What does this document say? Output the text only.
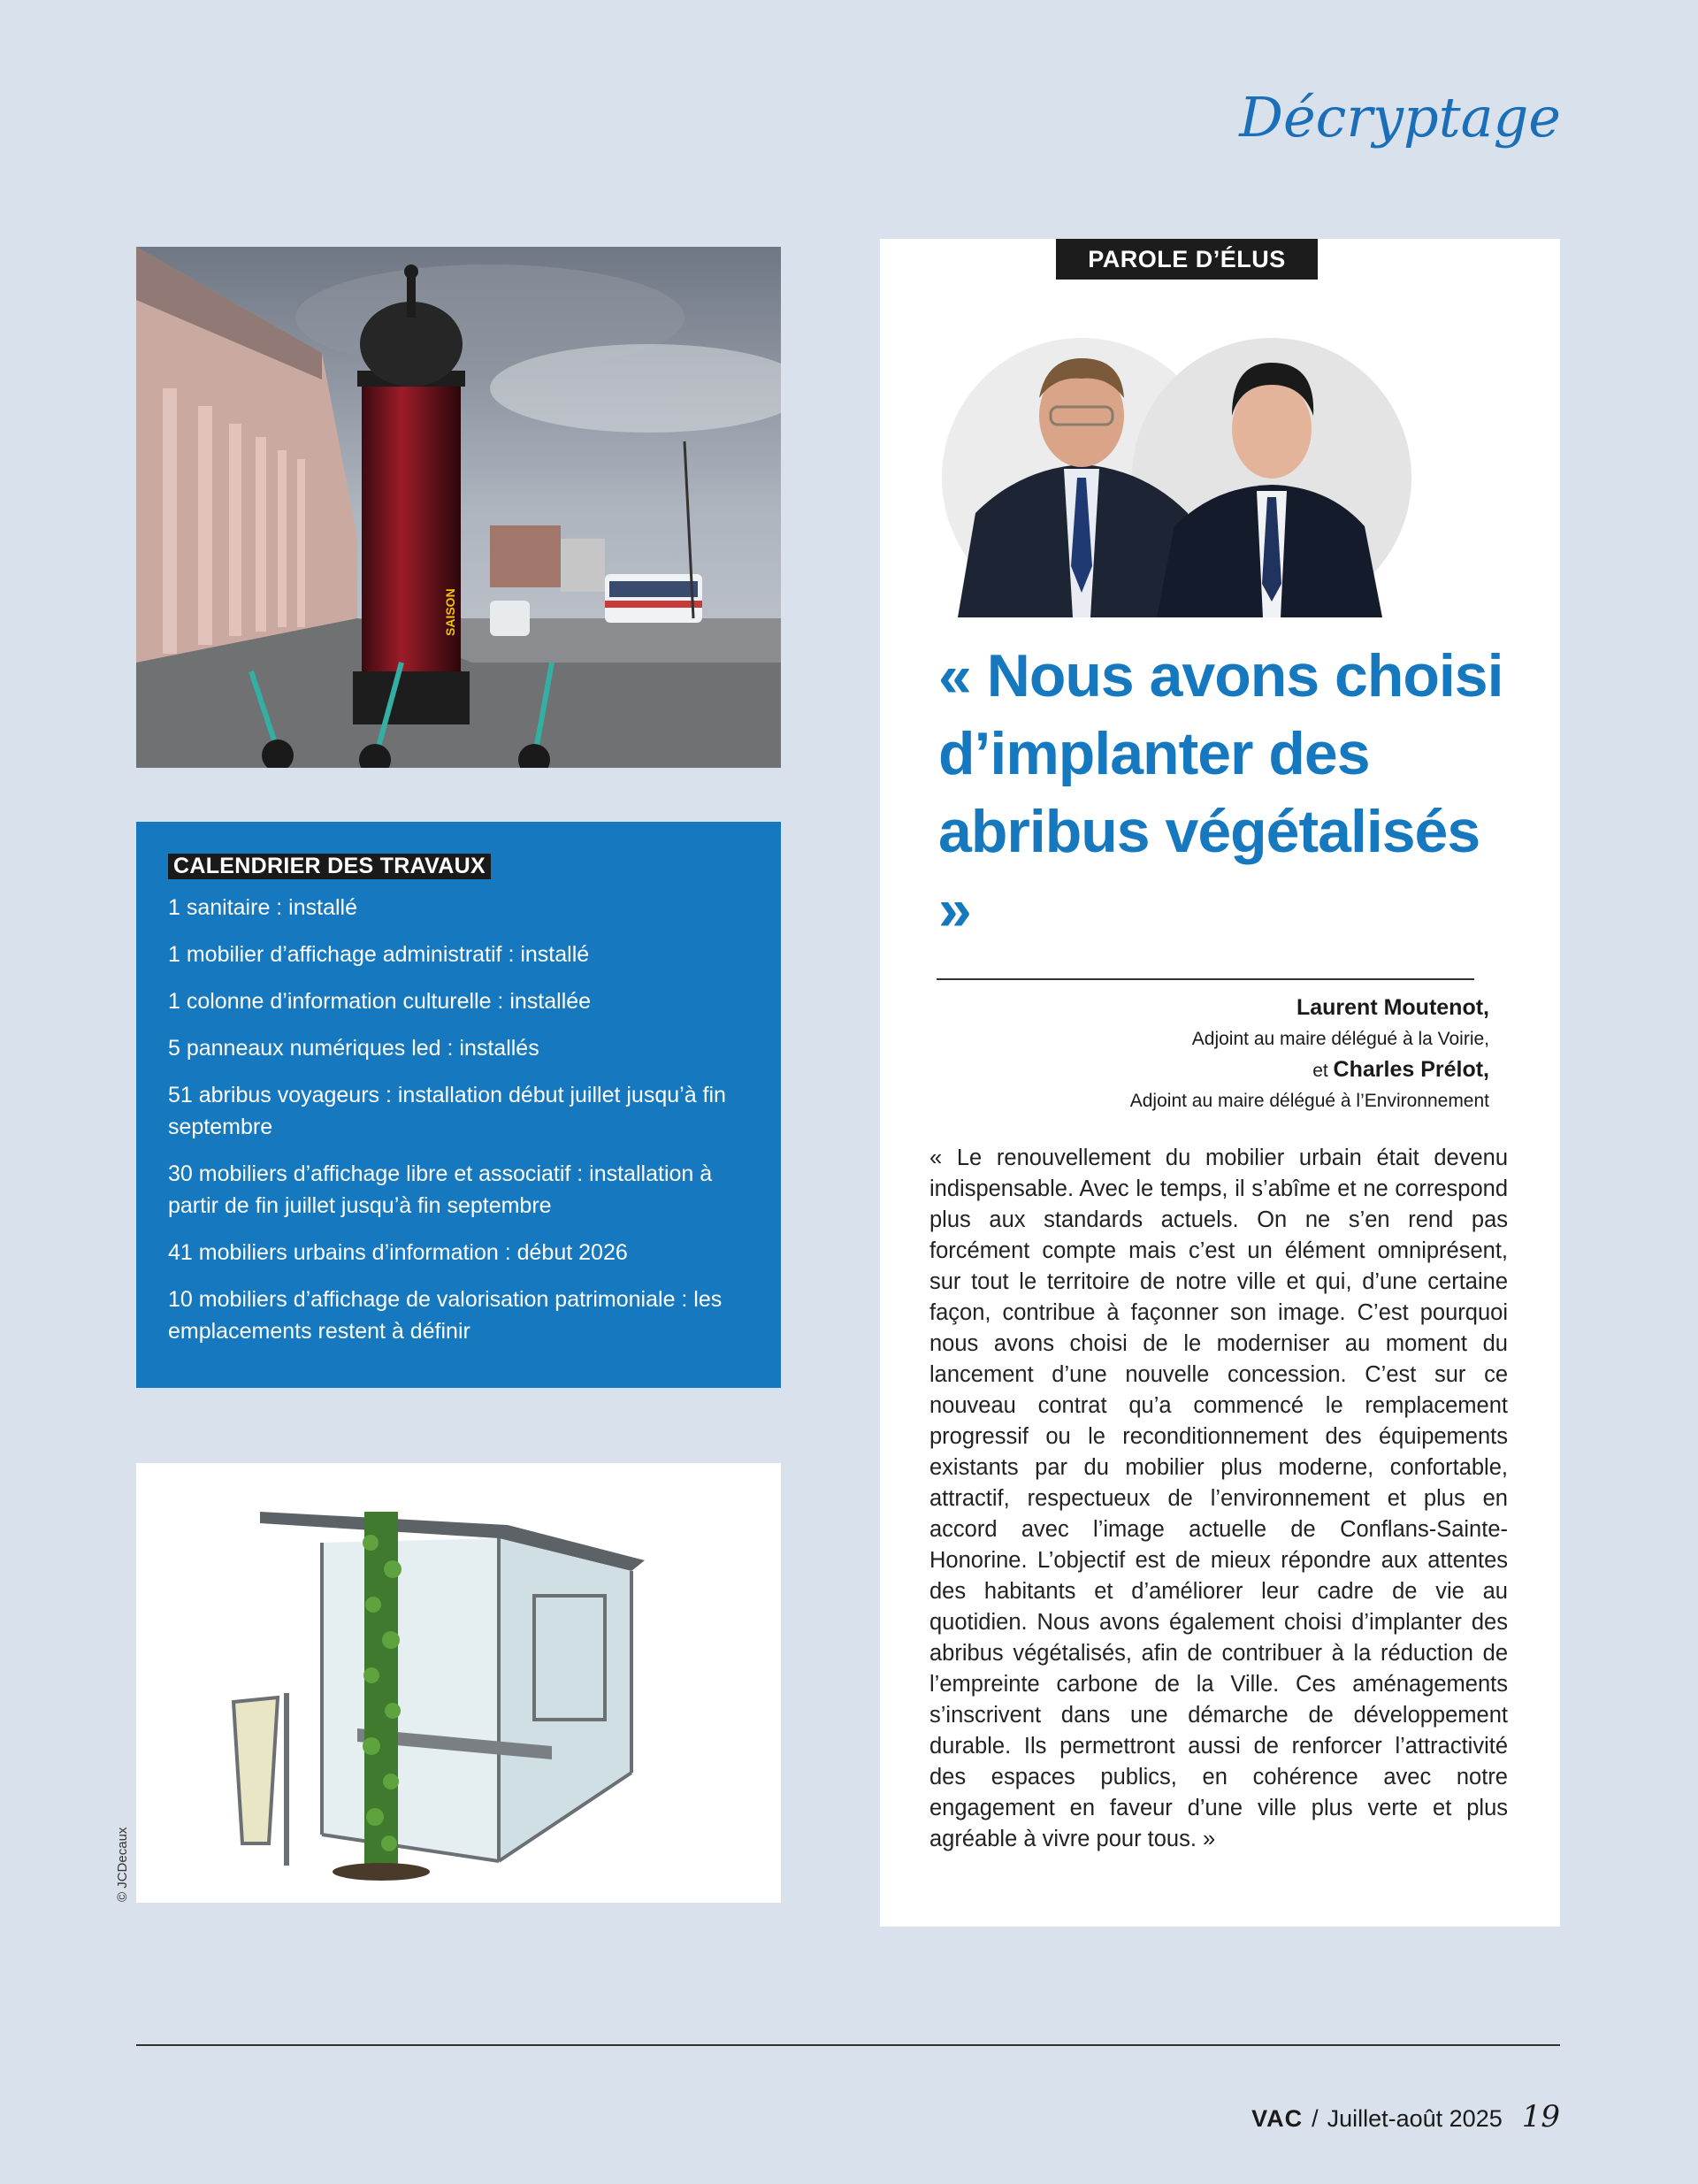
Décryptage
SAISON
CALENDRIER DES TRAVAUX
1 sanitaire : installé
1 mobilier d’affichage administratif : installé
1 colonne d’information culturelle : installée
5 panneaux numériques led : installés
51 abribus voyageurs : installation début juillet jusqu’à fin septembre
30 mobiliers d’affichage libre et associatif : installation à partir de fin juillet jusqu’à fin septembre
41 mobiliers urbains d’information : début 2026
10 mobiliers d’affichage de valorisation patrimoniale : les emplacements restent à définir
© JCDecaux
PAROLE D’ÉLUS
« Nous avons choisi d’implanter des abribus végétalisés »
Laurent Moutenot,
Adjoint au maire délégué à la Voirie,
et Charles Prélot,
Adjoint au maire délégué à l’Environnement
« Le renouvellement du mobilier urbain était devenu indispensable. Avec le temps, il s’abîme et ne correspond plus aux standards actuels. On ne s’en rend pas forcément compte mais c’est un élément omniprésent, sur tout le territoire de notre ville et qui, d’une certaine façon, contribue à façonner son image. C’est pourquoi nous avons choisi de le moderniser au moment du lancement d’une nouvelle concession. C’est sur ce nouveau contrat qu’a commencé le remplacement progressif ou le reconditionnement des équipements existants par du mobilier plus moderne, confortable, attractif, respectueux de l’environnement et plus en accord avec l’image actuelle de Conflans-Sainte-Honorine. L’objectif est de mieux répondre aux attentes des habitants et d’améliorer leur cadre de vie au quotidien. Nous avons également choisi d’implanter des abribus végétalisés, afin de contribuer à la réduction de l’empreinte carbone de la Ville. Ces aménagements s’inscrivent dans une démarche de développement durable. Ils permettront aussi de renforcer l’attractivité des espaces publics, en cohérence avec notre engagement en faveur d’une ville plus verte et plus agréable à vivre pour tous. »
VAC / Juillet-août 2025 19
